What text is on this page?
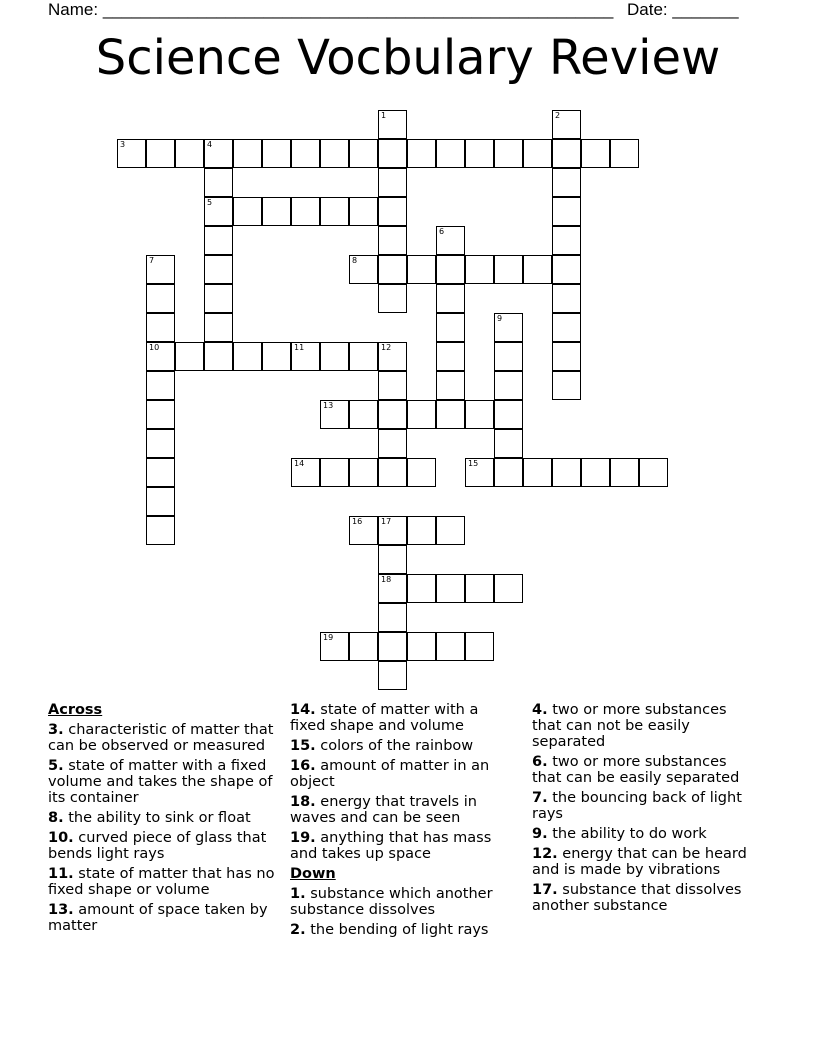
Name: ______________________________________________________ Date: _______
Science Vocbulary Review
1	2
3	4
5
6
7
10
8
9
11	12
13
14	15
16 17
18
19
Across
3. characteristic of matter that can be observed or measured
5. state of matter with a fixed volume and takes the shape of its container
8. the ability to sink or float
10. curved piece of glass that bends light rays
11. state of matter that has no fixed shape or volume
13. amount of space taken by matter
14. state of matter with a fixed shape and volume
15. colors of the rainbow
16. amount of matter in an object
18. energy that travels in waves and can be seen
19. anything that has mass and takes up space
Down
1. substance which another substance dissolves
2. the bending of light rays
4. two or more substances that can not be easily separated
6. two or more substances that can be easily separated
7. the bouncing back of light rays
9. the ability to do work
12. energy that can be heard and is made by vibrations
17. substance that dissolves another substance
